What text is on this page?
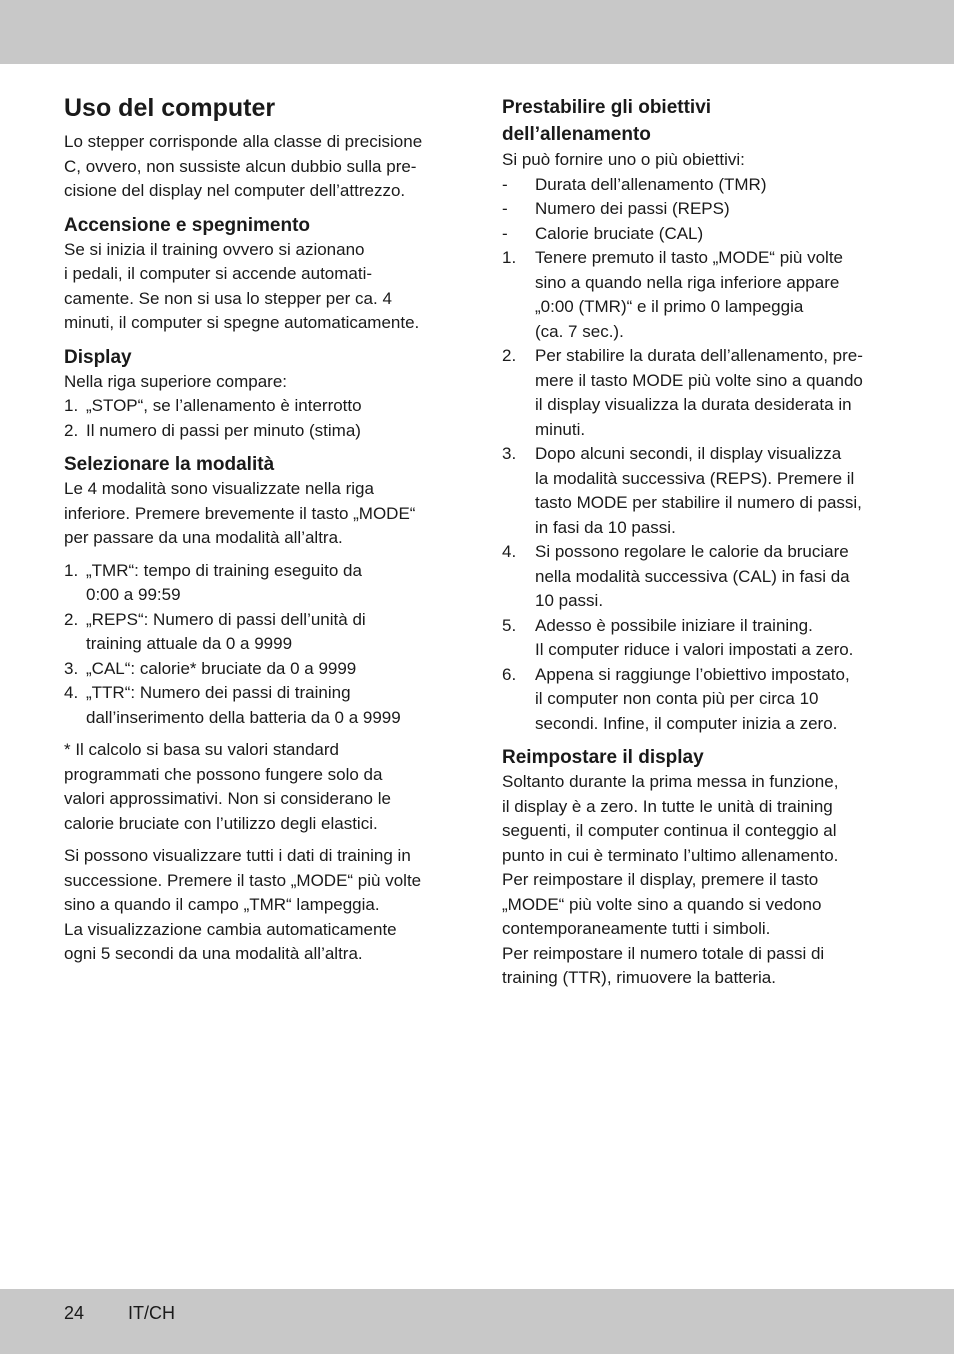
Uso del computer

Lo stepper corrisponde alla classe di precisione
C, ovvero, non sussiste alcun dubbio sulla pre-
cisione del display nel computer dell’attrezzo.

Accensione e spegnimento

Se si inizia il training ovvero si azionano
i pedali, il computer si accende automati-
camente. Se non si usa lo stepper per ca. 4
minuti, il computer si spegne automaticamente.

Display

Nella riga superiore compare:

1. „STOP“, se l’allenamento è interrotto
2. Il numero di passi per minuto (stima)
Selezionare la modalità

Le 4 modalità sono visualizzate nella riga
inferiore. Premere brevemente il tasto „MODE“
per passare da una modalità all’altra.

1. „TMR“: tempo di training eseguito da
0:00 a 99:59
2. „REPS“: Numero di passi dell’unità di
training attuale da 0 a 9999
3. „CAL“: calorie* bruciate da 0 a 9999
4. „TTR“: Numero dei passi di training
dall’inserimento della batteria da 0 a 9999

* Il calcolo si basa su valori standard
programmati che possono fungere solo da
valori approssimativi. Non si considerano le
calorie bruciate con l’utilizzo degli elastici.

Si possono visualizzare tutti i dati di training in
successione. Premere il tasto „MODE“ più volte
sino a quando il campo „TMR“ lampeggia.
La visualizzazione cambia automaticamente
ogni 5 secondi da una modalità all’altra.

Prestabilire gli obiettivi
dell’allenamento

Si può fornire uno o più obiettivi:

- Durata dell’allenamento (TMR)
- Numero dei passi (REPS)
- Calorie bruciate (CAL)
1. Tenere premuto il tasto „MODE“ più volte
sino a quando nella riga inferiore appare
„0:00 (TMR)“ e il primo 0 lampeggia
(ca. 7 sec.).
2. Per stabilire la durata dell’allenamento, pre-
mere il tasto MODE più volte sino a quando
il display visualizza la durata desiderata in
minuti.
3. Dopo alcuni secondi, il display visualizza
la modalità successiva (REPS). Premere il
tasto MODE per stabilire il numero di passi,
in fasi da 10 passi.
4. Si possono regolare le calorie da bruciare
nella modalità successiva (CAL) in fasi da
10 passi.
5. Adesso è possibile iniziare il training.
Il computer riduce i valori impostati a zero.
6. Appena si raggiunge l’obiettivo impostato,
il computer non conta più per circa 10
secondi. Infine, il computer inizia a zero.
Reimpostare il display

Soltanto durante la prima messa in funzione,
il display è a zero. In tutte le unità di training
seguenti, il computer continua il conteggio al
punto in cui è terminato l’ultimo allenamento.
Per reimpostare il display, premere il tasto
„MODE“ più volte sino a quando si vedono
contemporaneamente tutti i simboli.
Per reimpostare il numero totale di passi di
training (TTR), rimuovere la batteria.

24 IT/CH
